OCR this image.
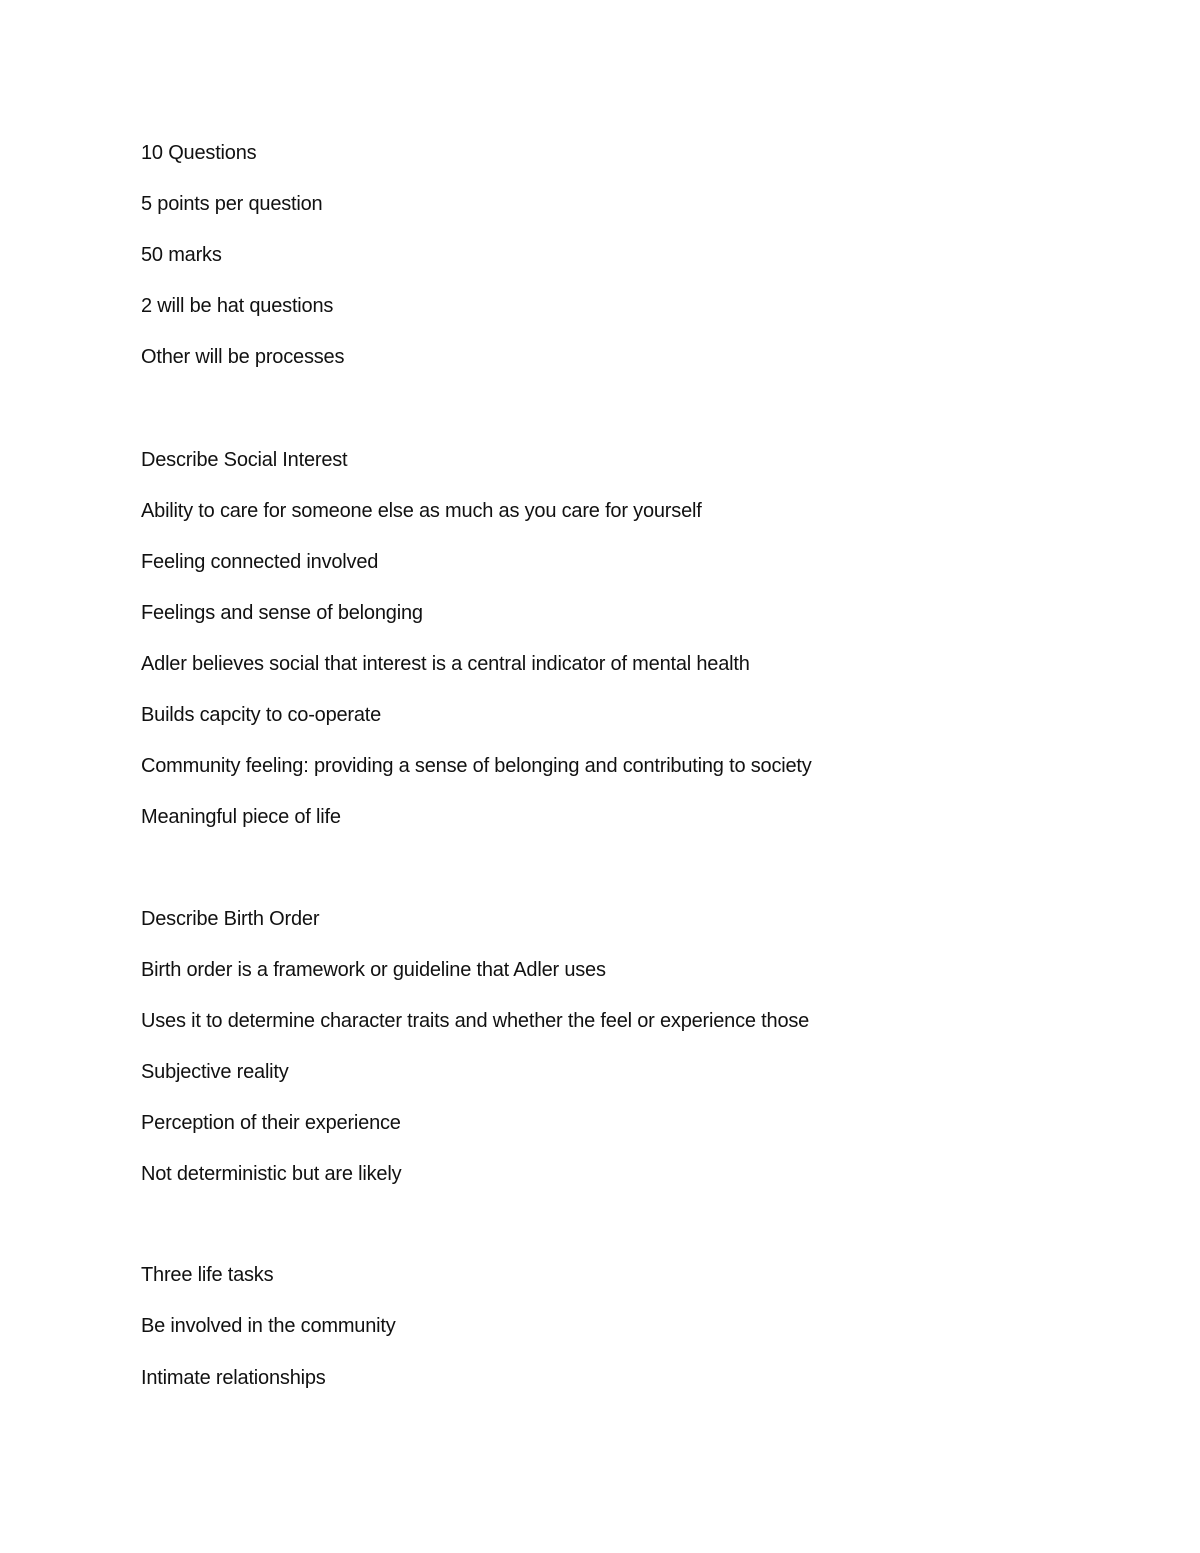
10 Questions
5 points per question
50 marks
2 will be hat questions
Other will be processes
Describe Social Interest
Ability to care for someone else as much as you care for yourself
Feeling connected involved
Feelings and sense of belonging
Adler believes social that interest is a central indicator of mental health
Builds capcity to co-operate
Community feeling: providing a sense of belonging and contributing to society
Meaningful piece of life
Describe Birth Order
Birth order is a framework or guideline that Adler uses
Uses it to determine character traits and whether the feel or experience those
Subjective reality
Perception of their experience
Not deterministic but are likely
Three life tasks
Be involved in the community
Intimate relationships
